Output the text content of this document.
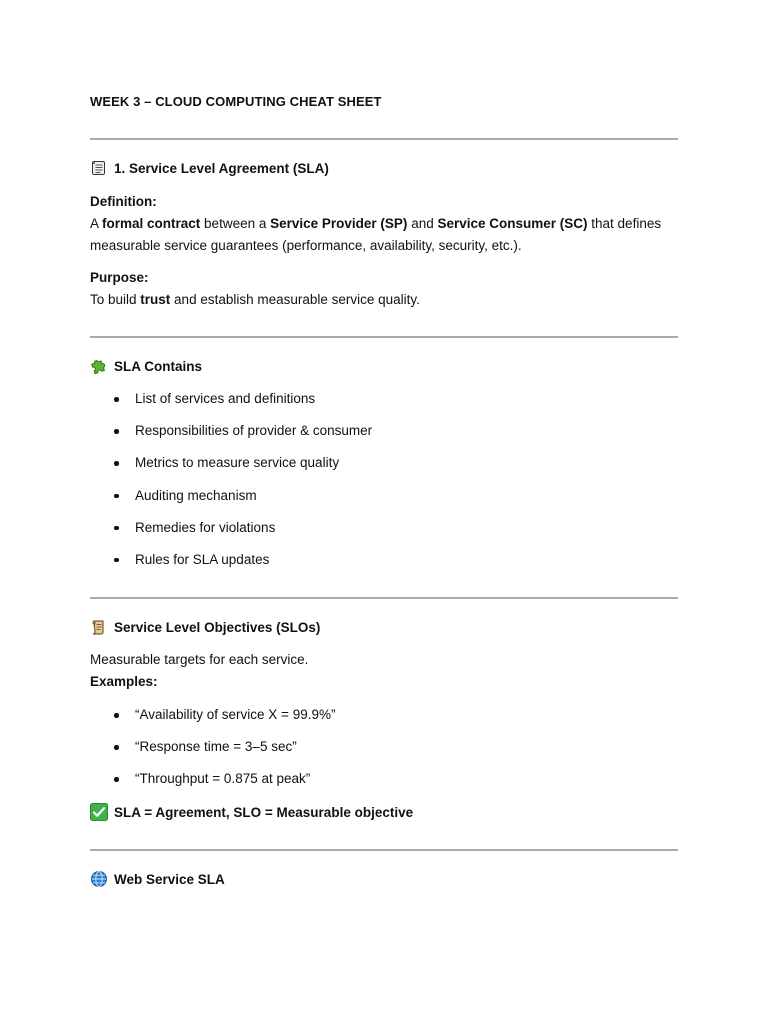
WEEK 3 – CLOUD COMPUTING CHEAT SHEET
1. Service Level Agreement (SLA)
Definition:
A formal contract between a Service Provider (SP) and Service Consumer (SC) that defines
measurable service guarantees (performance, availability, security, etc.).
Purpose:
To build trust and establish measurable service quality.
SLA Contains
List of services and definitions
Responsibilities of provider & consumer
Metrics to measure service quality
Auditing mechanism
Remedies for violations
Rules for SLA updates
Service Level Objectives (SLOs)
Measurable targets for each service.
Examples:
“Availability of service X = 99.9%”
“Response time = 3–5 sec”
“Throughput = 0.875 at peak”
SLA = Agreement, SLO = Measurable objective
Web Service SLA
